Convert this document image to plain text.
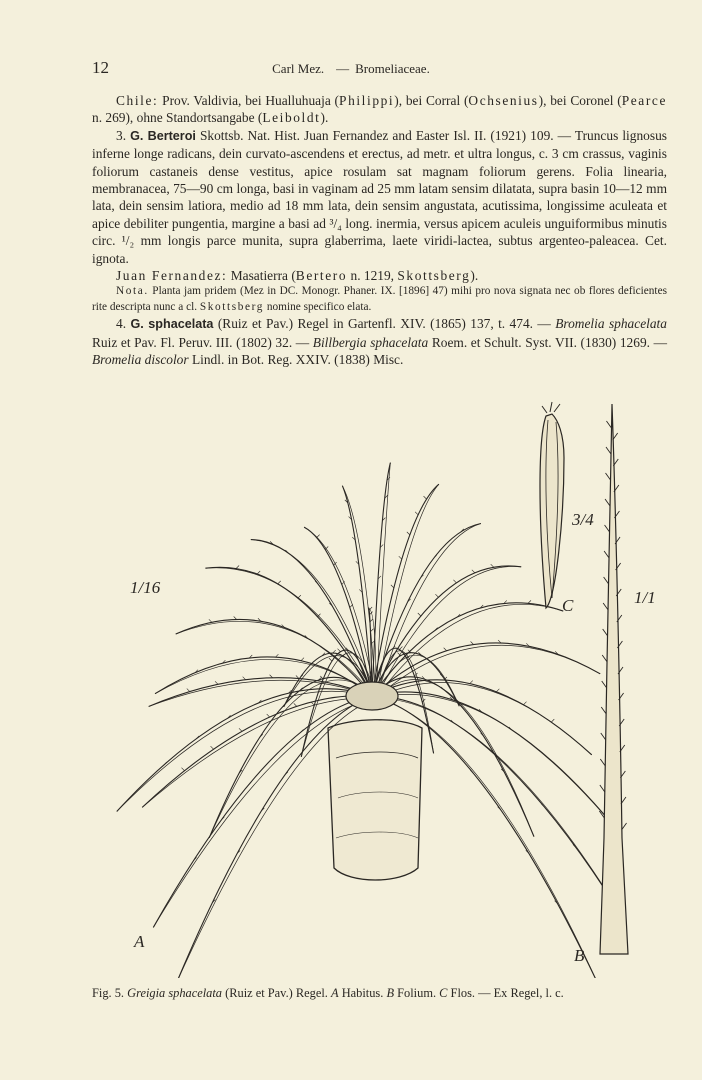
12	Carl Mez. — Bromeliaceae.

Chile: Prov. Valdivia, bei Hualluhuaja (Philippi), bei Corral (Ochsenius), bei Coronel (Pearce n. 269), ohne Standortsangabe (Leiboldt).

3. G. Berteroi Skottsb. Nat. Hist. Juan Fernandez and Easter Isl. II. (1921) 109. — Truncus lignosus inferne longe radicans, dein curvato-ascendens et erectus, ad metr. et ultra longus, c. 3 cm crassus, vaginis foliorum castaneis dense vestitus, apice rosulam sat magnam foliorum gerens. Folia linearia, membranacea, 75—90 cm longa, basi in vaginam ad 25 mm latam sensim dilatata, supra basin 10—12 mm lata, dein sensim latiora, medio ad 18 mm lata, dein sensim angustata, acutissima, longissime aculeata et apice debiliter pungentia, margine a basi ad ³/₄ long. inermia, versus apicem aculeis unguiformibus minutis circ. ¹/₂ mm longis parce munita, supra glaberrima, laete viridi-lactea, subtus argenteo-paleacea. Cet. ignota.

Juan Fernandez: Masatierra (Bertero n. 1219, Skottsberg).

Nota. Planta jam pridem (Mez in DC. Monogr. Phaner. IX. [1896] 47) mihi pro nova signata nec ob flores deficientes rite descripta nunc a cl. Skottsberg nomine specifico elata.

4. G. sphacelata (Ruiz et Pav.) Regel in Gartenfl. XIV. (1865) 137, t. 474. — Bromelia sphacelata Ruiz et Pav. Fl. Peruv. III. (1802) 32. — Billbergia sphacelata Roem. et Schult. Syst. VII. (1830) 1269. — Bromelia discolor Lindl. in Bot. Reg. XXIV. (1838) Misc.

1/16
3/4
1/1
A
B
C
Fig. 5. Greigia sphacelata (Ruiz et Pav.) Regel. A Habitus. B Folium. C Flos. — Ex Regel, l. c.
